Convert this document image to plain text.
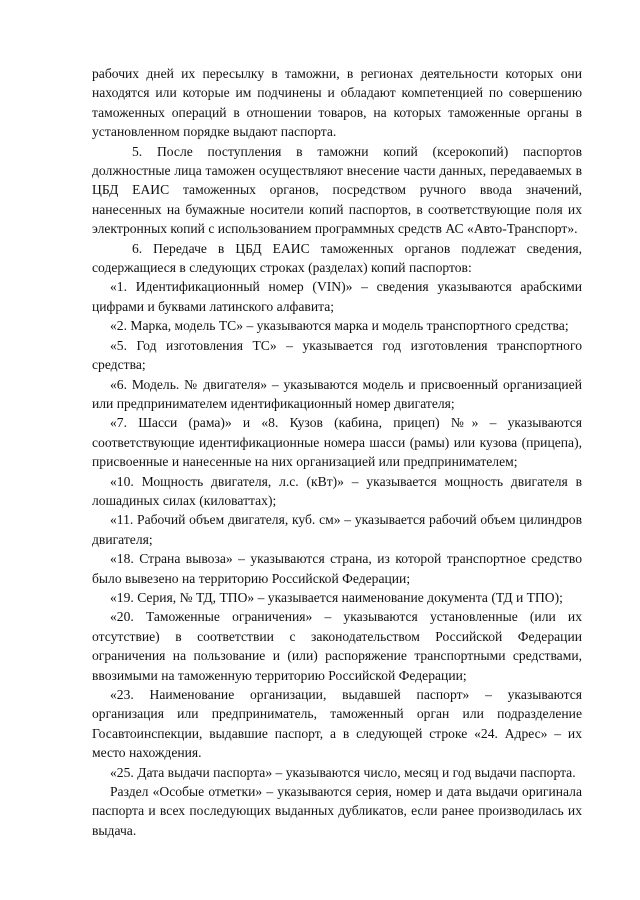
рабочих дней их пересылку в таможни, в регионах деятельности которых они находятся или которые им подчинены и обладают компетенцией по совершению таможенных операций в отношении товаров, на которых таможенные органы в установленном порядке выдают паспорта.

5. После поступления в таможни копий (ксерокопий) паспортов должностные лица таможен осуществляют внесение части данных, передаваемых в ЦБД ЕАИС таможенных органов, посредством ручного ввода значений, нанесенных на бумажные носители копий паспортов, в соответствующие поля их электронных копий с использованием программных средств АС «Авто-Транспорт».

6. Передаче в ЦБД ЕАИС таможенных органов подлежат сведения, содержащиеся в следующих строках (разделах) копий паспортов:

«1. Идентификационный номер (VIN)» – сведения указываются арабскими цифрами и буквами латинского алфавита;

«2. Марка, модель ТС» – указываются марка и модель транспортного средства;

«5. Год изготовления ТС» – указывается год изготовления транспортного средства;

«6. Модель. № двигателя» – указываются модель и присвоенный организацией или предпринимателем идентификационный номер двигателя;

«7. Шасси (рама)» и «8. Кузов (кабина, прицеп) №» – указываются соответствующие идентификационные номера шасси (рамы) или кузова (прицепа), присвоенные и нанесенные на них организацией или предпринимателем;

«10. Мощность двигателя, л.с. (кВт)» – указывается мощность двигателя в лошадиных силах (киловаттах);

«11. Рабочий объем двигателя, куб. см» – указывается рабочий объем цилиндров двигателя;

«18. Страна вывоза» – указываются страна, из которой транспортное средство было вывезено на территорию Российской Федерации;

«19. Серия, № ТД, ТПО» – указывается наименование документа (ТД и ТПО);

«20. Таможенные ограничения» – указываются установленные (или их отсутствие) в соответствии с законодательством Российской Федерации ограничения на пользование и (или) распоряжение транспортными средствами, ввозимыми на таможенную территорию Российской Федерации;

«23. Наименование организации, выдавшей паспорт» – указываются организация или предприниматель, таможенный орган или подразделение Госавтоинспекции, выдавшие паспорт, а в следующей строке «24. Адрес» – их место нахождения.

«25. Дата выдачи паспорта» – указываются число, месяц и год выдачи паспорта.

Раздел «Особые отметки» – указываются серия, номер и дата выдачи оригинала паспорта и всех последующих выданных дубликатов, если ранее производилась их выдача.
